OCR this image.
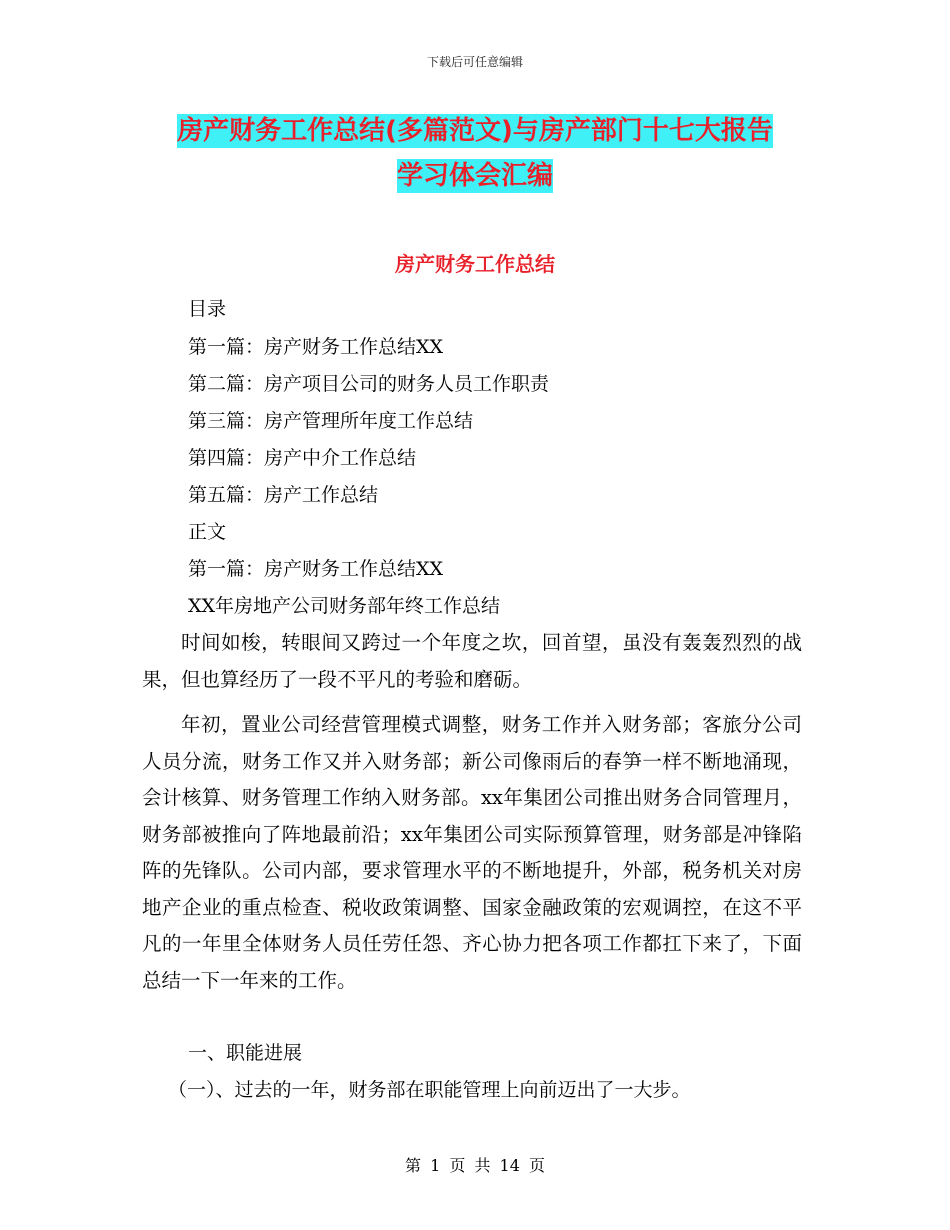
下载后可任意编辑
房产财务工作总结(多篇范文)与房产部门十七大报告
学习体会汇编
房产财务工作总结
目录
第一篇：房产财务工作总结XX
第二篇：房产项目公司的财务人员工作职责
第三篇：房产管理所年度工作总结
第四篇：房产中介工作总结
第五篇：房产工作总结
正文
第一篇：房产财务工作总结XX
XX年房地产公司财务部年终工作总结

时间如梭，转眼间又跨过一个年度之坎，回首望，虽没有轰轰烈烈的战果，但也算经历了一段不平凡的考验和磨砺。

年初，置业公司经营管理模式调整，财务工作并入财务部；客旅分公司人员分流，财务工作又并入财务部；新公司像雨后的春笋一样不断地涌现，会计核算、财务管理工作纳入财务部。xx年集团公司推出财务合同管理月，财务部被推向了阵地最前沿；xx年集团公司实际预算管理，财务部是冲锋陷阵的先锋队。公司内部，要求管理水平的不断地提升，外部，税务机关对房地产企业的重点检查、税收政策调整、国家金融政策的宏观调控，在这不平凡的一年里全体财务人员任劳任怨、齐心协力把各项工作都扛下来了，下面总结一下一年来的工作。

一、职能进展
（一）、过去的一年，财务部在职能管理上向前迈出了一大步。
第 1 页 共 14 页
